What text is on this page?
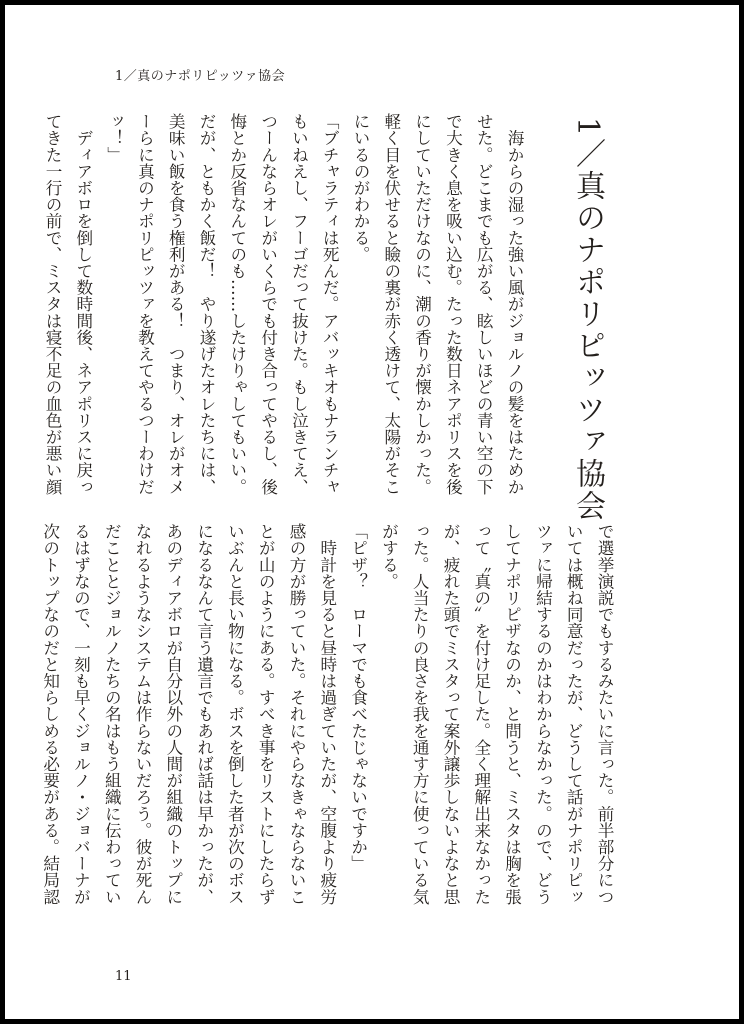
1／真のナポリピッツァ協会
1／真のナポリピッツァ協会
　海からの湿った強い風がジョルノの髪をはためか
せた。どこまでも広がる、眩しいほどの青い空の下
で大きく息を吸い込む。たった数日ネアポリスを後
にしていただけなのに、潮の香りが懐かしかった。
軽く目を伏せると瞼の裏が赤く透けて、太陽がそこ
にいるのがわかる。
「ブチャラティは死んだ。アバッキオもナランチャ
もいねえし、フーゴだって抜けた。もし泣きてえ、
つーんならオレがいくらでも付き合ってやるし、後
悔とか反省なんてのも……したけりゃしてもいい。
だが、ともかく飯だ！　やり遂げたオレたちには、
美味い飯を食う権利がある！　つまり、オレがオメ
ーらに真のナポリピッツァを教えてやるつーわけだ
ッ！」
　ディアボロを倒して数時間後、ネアポリスに戻っ
てきた一行の前で、ミスタは寝不足の血色が悪い顔
で選挙演説でもするみたいに言った。前半部分につ
いては概ね同意だったが、どうして話がナポリピッ
ツァに帰結するのかはわからなかった。ので、どう
してナポリピザなのか、と問うと、ミスタは胸を張
って〝真の〟を付け足した。全く理解出来なかった
が、疲れた頭でミスタって案外譲歩しないよなと思
った。人当たりの良さを我を通す方に使っている気
がする。
「ピザ？　ローマでも食べたじゃないですか」
　時計を見ると昼時は過ぎていたが、空腹より疲労
感の方が勝っていた。それにやらなきゃならないこ
とが山のようにある。すべき事をリストにしたらず
いぶんと長い物になる。ボスを倒した者が次のボス
になるなんて言う遺言でもあれば話は早かったが、
あのディアボロが自分以外の人間が組織のトップに
なれるようなシステムは作らないだろう。彼が死ん
だこととジョルノたちの名はもう組織に伝わってい
るはずなので、一刻も早くジョルノ・ジョバーナが
次のトップなのだと知らしめる必要がある。結局認
11
